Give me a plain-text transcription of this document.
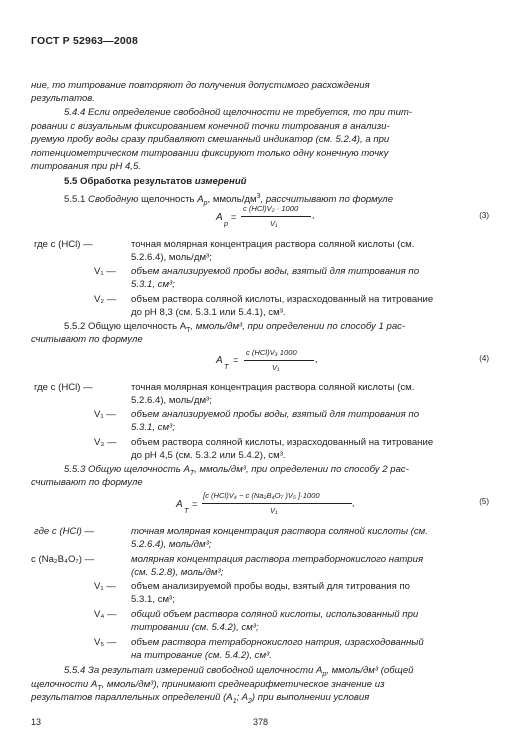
ГОСТ Р 52963—2008
ние, то титрование повторяют до получения допустимого расхождения
результатов.
5.4.4 Если определение свободной щелочности не требуется, то при тит-
ровании с визуальным фиксированием конечной точки титрования в анализи-
руемую пробу воды сразу прибавляют смешанный индикатор (см. 5.2.4), а при
потенциометрическом титровании фиксируют только одну конечную точку
титрования при рН 4,5.
5.5 Обработка результатов измерений
5.5.1 Свободную щелочность $A_р$, ммоль/$дм^3$, рассчитывают по формуле
A
р
=
c (HCl)V₂ · 1000
V₁
,	(3)
где c (HCl) —	точная молярная концентрация раствора соляной кислоты (см.
5.2.6.4), моль/дм³;
V₁ — объем анализируемой пробы воды, взятый для титрования по
5.3.1, см³;
V₂ — объем раствора соляной кислоты, израсходованный на титрование
до рН 8,3 (см. 5.3.1 или 5.4.1), см³.
5.5.2 Общую щелочность $A_T$, ммоль/дм³, при определении по способу 1 рас-
считывают по формуле
A
T
=
c (HCl)V₃ 1000
V₁
,	(4)
где c (HCl) —	точная молярная концентрация раствора соляной кислоты (см.
5.2.6.4), моль/дм³;
V₁ — объем анализируемой пробы воды, взятый для титрования по
5.3.1, см³;
V₃ — объем раствора соляной кислоты, израсходованный на титрование
до рН 4,5 (см. 5.3.2 или 5.4.2), см³.
5.5.3 Общую щелочность $A_T$, ммоль/дм³, при определении по способу 2 рас-
считывают по формуле
A
T
=
[c (HCl)V₄ − c (Na₂B₄O₇ )V₅ ]·1000
V₁
,	(5)
где c (HCl) —	точная молярная концентрация раствора соляной кислоты (см.
5.2.6.4), моль/дм³;
c (Na₂B₄O₇) —	молярная концентрация раствора тетраборнокислого натрия
(см. 5.2.8), моль/дм³;
V₁ — объем анализируемой пробы воды, взятый для титрования по
5.3.1, см³;
V₄ — общий объем раствора соляной кислоты, использованный при
титровании (см. 5.4.2), см³;
V₅ — объем раствора тетраборнокислого натрия, израсходованный
на титрование (см. 5.4.2), см³.
5.5.4 За результат измерений свободной щелочности $A_р$, ммоль/дм³ (общей
щелочности $A_T$, ммоль/дм³), принимают среднеарифметическое значение из
результатов параллельных определений ($A_1$; $A_2$) при выполнении условия
13	378
